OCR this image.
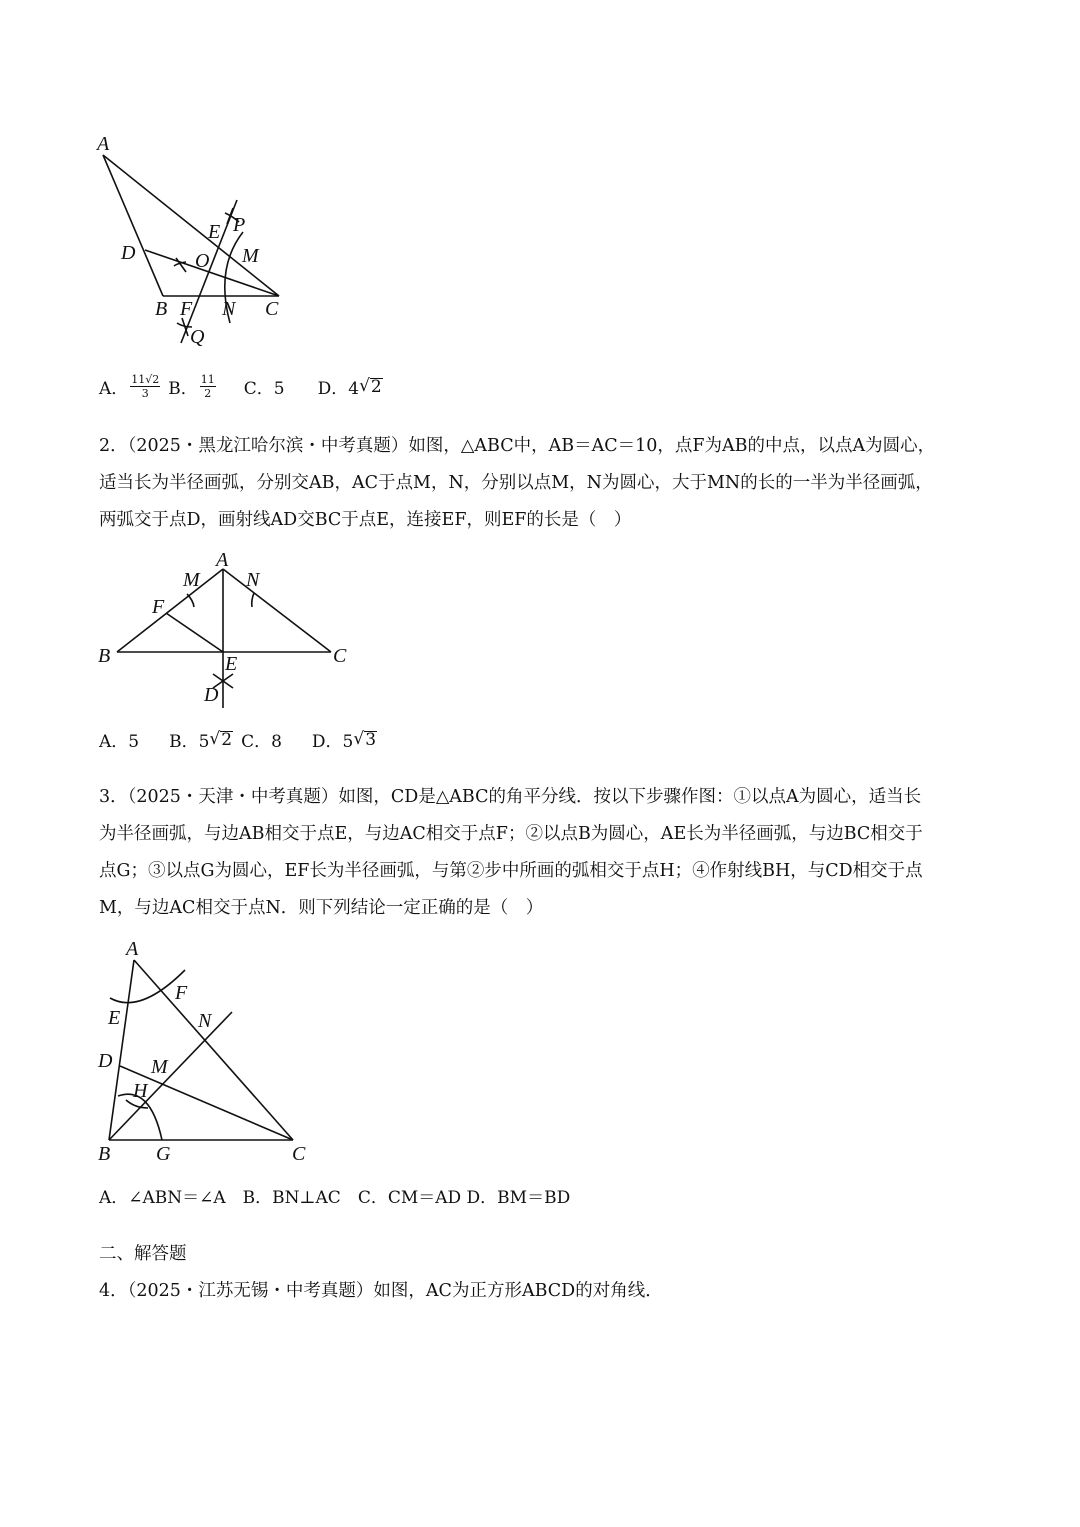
A
D
E P
O M
B F N C
Q
A． $\frac{11√2}{3}$ B． $\frac{11}{2}$ C．5 D．4 √ 2
2．（2025・黑龙江哈尔滨・中考真题）如图，△ABC中，AB＝AC＝10，点F为AB的中点，以点A为圆心，
适当长为半径画弧，分别交AB，AC于点M，N，分别以点M，N为圆心，大于MN的长的一半为半径画弧，
两弧交于点D，画射线AD交BC于点E，连接EF，则EF的长是（　）
A
M N
F
B	E	C
D
A．5 B．5 √ 2 C．8 D．5 √ 3
3．（2025・天津・中考真题）如图，CD是△ABC的角平分线．按以下步骤作图：①以点A为圆心，适当长
为半径画弧，与边AB相交于点E，与边AC相交于点F；②以点B为圆心，AE长为半径画弧，与边BC相交于
点G；③以点G为圆心，EF长为半径画弧，与第②步中所画的弧相交于点H；④作射线BH，与CD相交于点
M，与边AC相交于点N．则下列结论一定正确的是（　）
A
F
E	N
D M
H
B G	C
A．∠ABN＝∠A　B．BN⊥AC　C．CM＝AD D．BM＝BD
二、解答题
4．（2025・江苏无锡・中考真题）如图，AC为正方形ABCD的对角线．
